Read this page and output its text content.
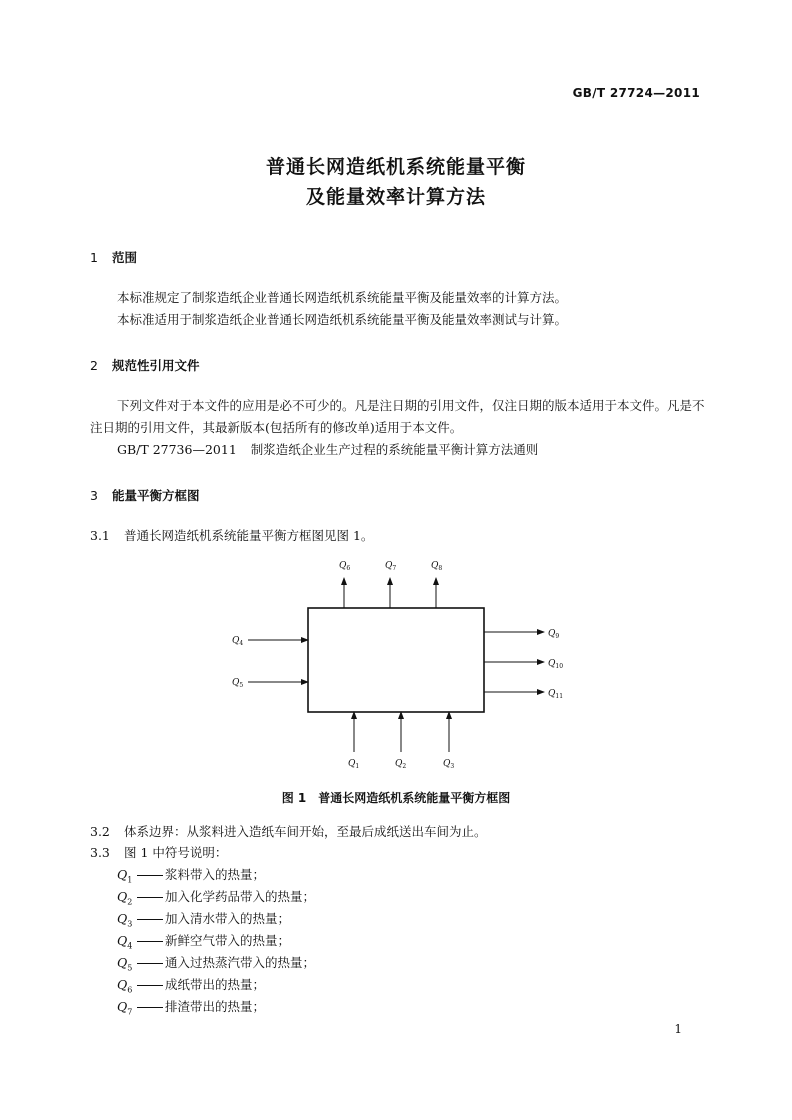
GB/T 27724—2011
普通长网造纸机系统能量平衡
及能量效率计算方法
1 范围
本标准规定了制浆造纸企业普通长网造纸机系统能量平衡及能量效率的计算方法。
本标准适用于制浆造纸企业普通长网造纸机系统能量平衡及能量效率测试与计算。
2 规范性引用文件
下列文件对于本文件的应用是必不可少的。凡是注日期的引用文件，仅注日期的版本适用于本文件。凡是不注日期的引用文件，其最新版本(包括所有的修改单)适用于本文件。
GB/T 27736—2011 制浆造纸企业生产过程的系统能量平衡计算方法通则
3 能量平衡方框图
3.1 普通长网造纸机系统能量平衡方框图见图 1。
$Q_6$	$Q_7$	$Q_8$
$Q_4$
$Q_5$
$Q_9$
$Q_{10}$
$Q_{11}$
$Q_1$	$Q_2$	$Q_3$
图 1　普通长网造纸机系统能量平衡方框图
3.2 体系边界：从浆料进入造纸车间开始，至最后成纸送出车间为止。
3.3 图 1 中符号说明：
$Q_1$	浆料带入的热量；
$Q_2$	加入化学药品带入的热量；
$Q_3$	加入清水带入的热量；
$Q_4$	新鲜空气带入的热量；
$Q_5$	通入过热蒸汽带入的热量；
$Q_6$	成纸带出的热量；
$Q_7$	排渣带出的热量；
1
